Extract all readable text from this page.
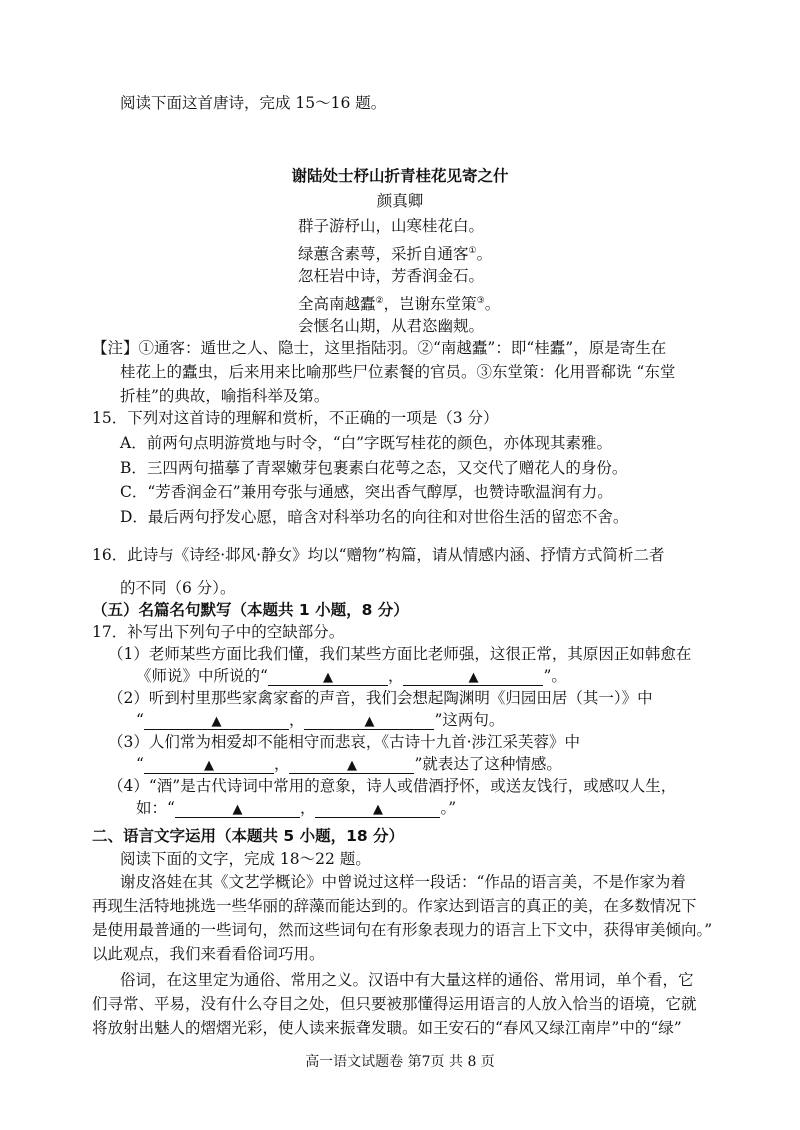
阅读下面这首唐诗，完成 15～16 题。
谢陆处士杼山折青桂花见寄之什
颜真卿
群子游杼山，山寒桂花白。
绿蕙含素萼，采折自通客①。
忽枉岩中诗，芳香润金石。
全高南越蠹②，岂谢东堂策③。
会惬名山期，从君恣幽觌。
【注】①通客：遁世之人、隐士，这里指陆羽。②“南越蠹”：即“桂蠹”，原是寄生在
桂花上的蠹虫，后来用来比喻那些尸位素餐的官员。③东堂策：化用晋郗诜 “东堂
折桂”的典故，喻指科举及第。
15．下列对这首诗的理解和赏析，不正确的一项是（3 分）
A．前两句点明游赏地与时令，“白”字既写桂花的颜色，亦体现其素雅。
B．三四两句描摹了青翠嫩芽包裹素白花萼之态，又交代了赠花人的身份。
C．“芳香润金石”兼用夸张与通感，突出香气醇厚，也赞诗歌温润有力。
D．最后两句抒发心愿，暗含对科举功名的向往和对世俗生活的留恋不舍。
16．此诗与《诗经·邶风·静女》均以“赠物”构篇，请从情感内涵、抒情方式简析二者
的不同（6 分）。
（五）名篇名句默写（本题共 1 小题，8 分）
17．补写出下列句子中的空缺部分。
（1）老师某些方面比我们懂，我们某些方面比老师强，这很正常，其原因正如韩愈在
《师说》中所说的“	▲	，	▲	”。
（2）听到村里那些家禽家畜的声音，我们会想起陶渊明《归园田居（其一）》中
“	▲	，	▲	”这两句。
（3）人们常为相爱却不能相守而悲哀，《古诗十九首·涉江采芙蓉》中
“	▲	，	▲	”就表达了这种情感。
（4）“酒”是古代诗词中常用的意象，诗人或借酒抒怀，或送友饯行，或感叹人生，
如：“	▲	，	▲	。”
二、语言文字运用（本题共 5 小题，18 分）
阅读下面的文字，完成 18～22 题。
谢皮洛娃在其《文艺学概论》中曾说过这样一段话：“作品的语言美，不是作家为着
再现生活特地挑选一些华丽的辞藻而能达到的。作家达到语言的真正的美，在多数情况下
是使用最普通的一些词句，然而这些词句在有形象表现力的语言上下文中，获得审美倾向。”
以此观点，我们来看看俗词巧用。
俗词，在这里定为通俗、常用之义。汉语中有大量这样的通俗、常用词，单个看，它
们寻常、平易，没有什么夺目之处，但只要被那懂得运用语言的人放入恰当的语境，它就
将放射出魅人的熠熠光彩，使人读来振聋发聩。如王安石的“春风又绿江南岸”中的“绿”
高一语文试题卷 第7页 共 8 页
